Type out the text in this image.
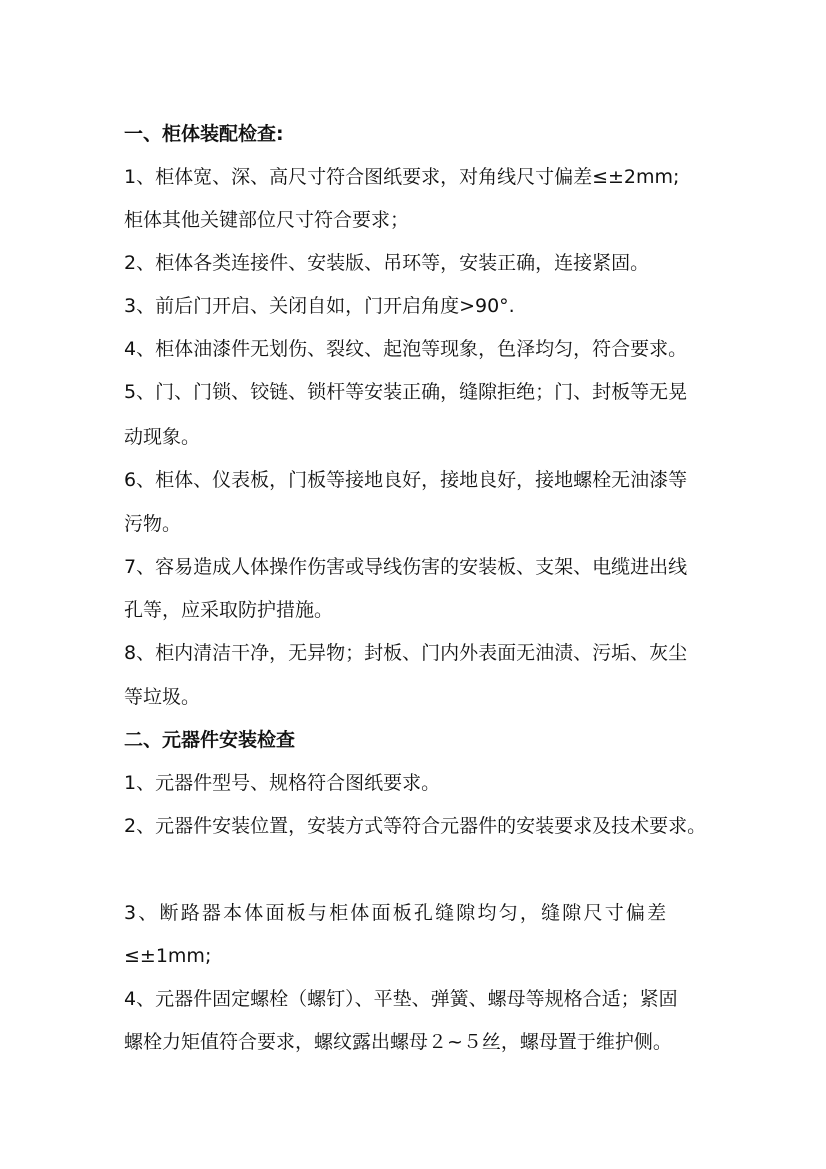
一、柜体装配检查:
1、柜体宽、深、高尺寸符合图纸要求，对角线尺寸偏差≤±2mm;
柜体其他关键部位尺寸符合要求；
2、柜体各类连接件、安装版、吊环等，安装正确，连接紧固。
3、前后门开启、关闭自如，门开启角度>90°.
4、柜体油漆件无划伤、裂纹、起泡等现象，色泽均匀，符合要求。
5、门、门锁、铰链、锁杆等安装正确，缝隙拒绝；门、封板等无晃
动现象。
6、柜体、仪表板，门板等接地良好，接地良好，接地螺栓无油漆等
污物。
7、容易造成人体操作伤害或导线伤害的安装板、支架、电缆进出线
孔等，应采取防护措施。
8、柜内清洁干净，无异物；封板、门内外表面无油渍、污垢、灰尘
等垃圾。
二、元器件安装检查
1、元器件型号、规格符合图纸要求。
2、元器件安装位置，安装方式等符合元器件的安装要求及技术要求。
3、断路器本体面板与柜体面板孔缝隙均匀，缝隙尺寸偏差
≤±1mm;
4、元器件固定螺栓（螺钉）、平垫、弹簧、螺母等规格合适；紧固
螺栓力矩值符合要求，螺纹露出螺母２~５丝，螺母置于维护侧。
